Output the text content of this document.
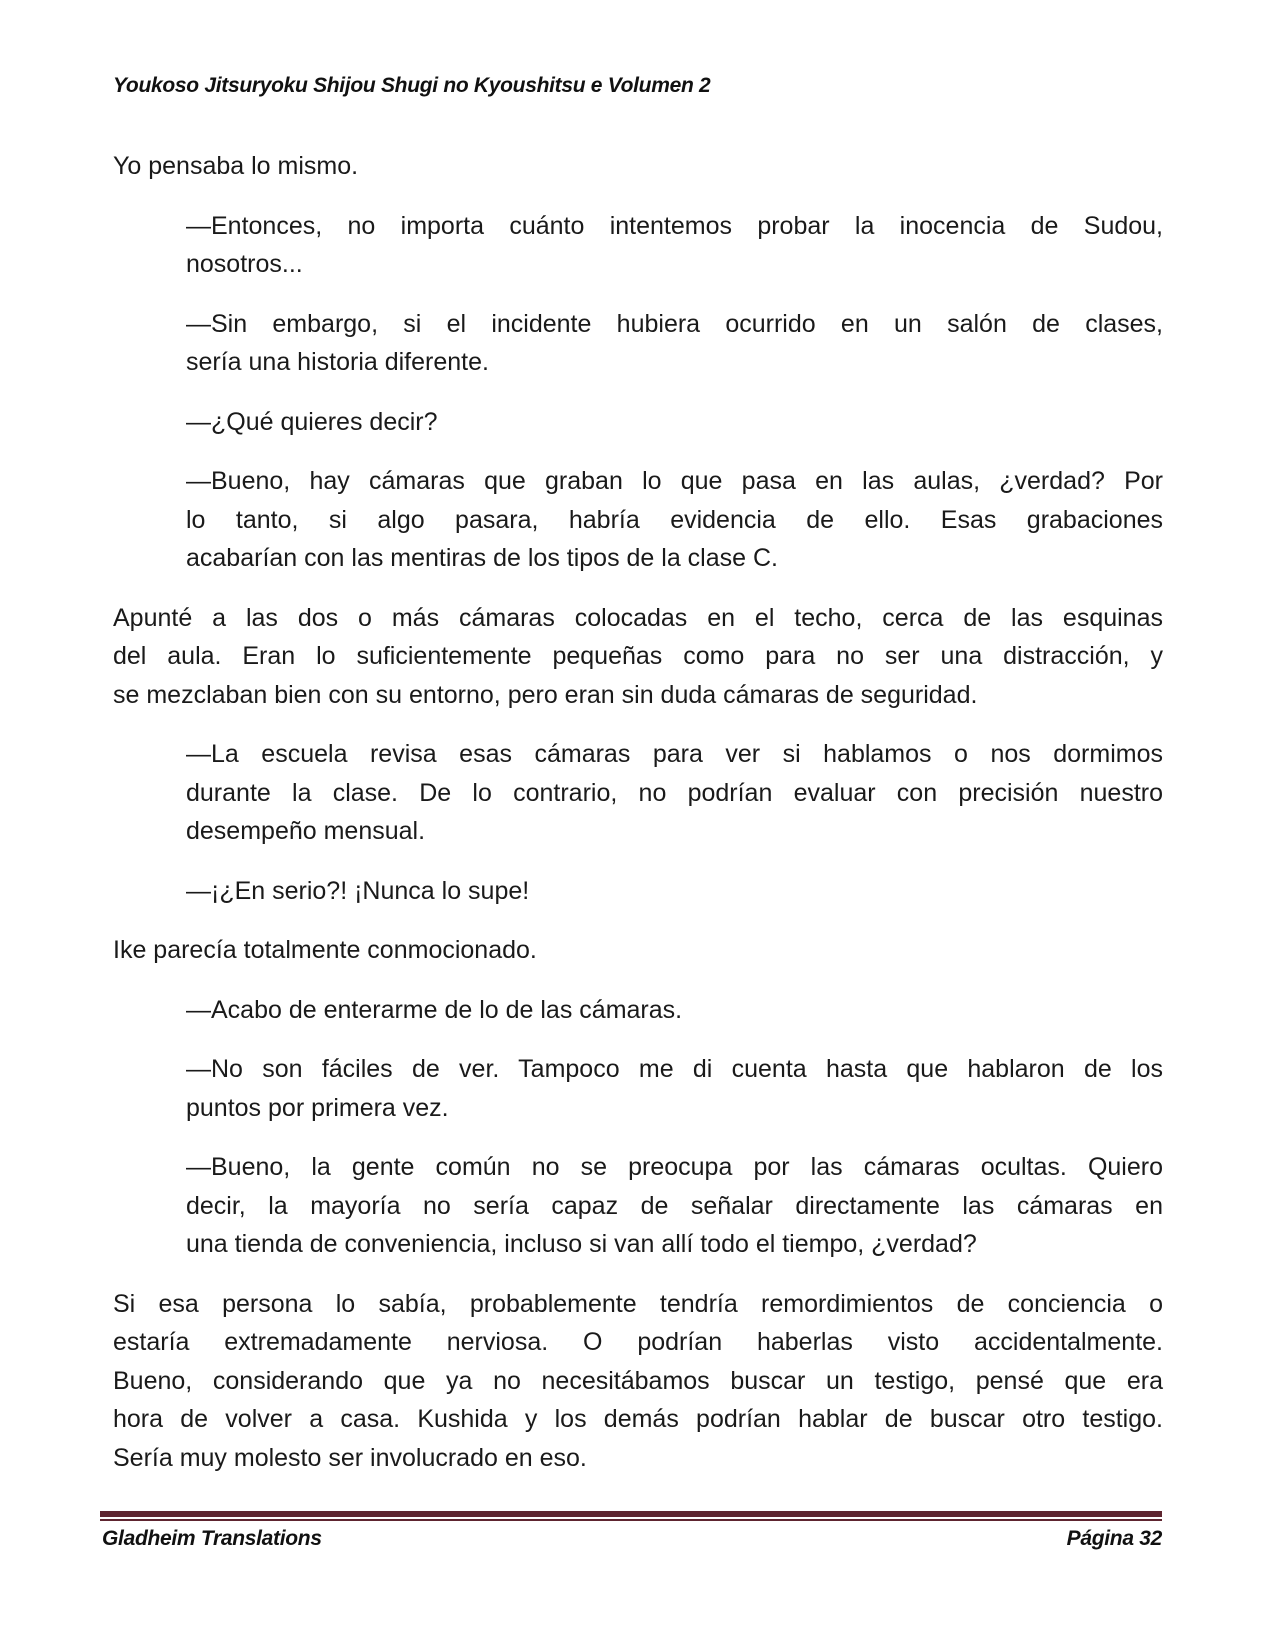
Youkoso Jitsuryoku Shijou Shugi no Kyoushitsu e Volumen 2
Yo pensaba lo mismo.
—Entonces, no importa cuánto intentemos probar la inocencia de Sudou,
nosotros...
—Sin embargo, si el incidente hubiera ocurrido en un salón de clases,
sería una historia diferente.
—¿Qué quieres decir?
—Bueno, hay cámaras que graban lo que pasa en las aulas, ¿verdad? Por
lo tanto, si algo pasara, habría evidencia de ello. Esas grabaciones
acabarían con las mentiras de los tipos de la clase C.
Apunté a las dos o más cámaras colocadas en el techo, cerca de las esquinas
del aula. Eran lo suficientemente pequeñas como para no ser una distracción, y
se mezclaban bien con su entorno, pero eran sin duda cámaras de seguridad.
—La escuela revisa esas cámaras para ver si hablamos o nos dormimos
durante la clase. De lo contrario, no podrían evaluar con precisión nuestro
desempeño mensual.
—¡¿En serio?! ¡Nunca lo supe!
Ike parecía totalmente conmocionado.
—Acabo de enterarme de lo de las cámaras.
—No son fáciles de ver. Tampoco me di cuenta hasta que hablaron de los
puntos por primera vez.
—Bueno, la gente común no se preocupa por las cámaras ocultas. Quiero
decir, la mayoría no sería capaz de señalar directamente las cámaras en
una tienda de conveniencia, incluso si van allí todo el tiempo, ¿verdad?
Si esa persona lo sabía, probablemente tendría remordimientos de conciencia o
estaría extremadamente nerviosa. O podrían haberlas visto accidentalmente.
Bueno, considerando que ya no necesitábamos buscar un testigo, pensé que era
hora de volver a casa. Kushida y los demás podrían hablar de buscar otro testigo.
Sería muy molesto ser involucrado en eso.
Gladheim Translations	Página 32
